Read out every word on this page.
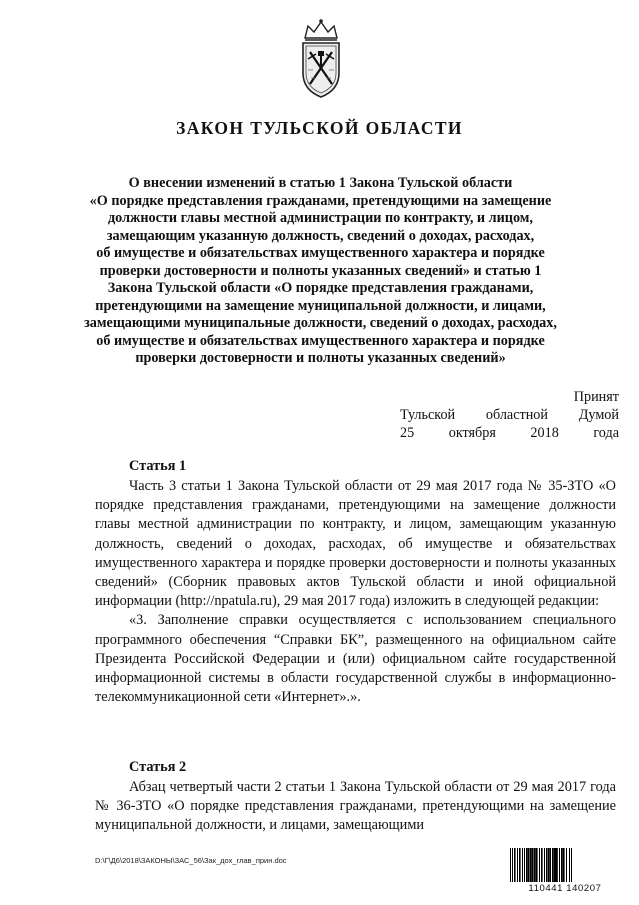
ЗАКОН ТУЛЬСКОЙ ОБЛАСТИ
О внесении изменений в статью 1 Закона Тульской области
«О порядке представления гражданами, претендующими на замещение
должности главы местной администрации по контракту, и лицом,
замещающим указанную должность, сведений о доходах, расходах,
об имуществе и обязательствах имущественного характера и порядке
проверки достоверности и полноты указанных сведений» и статью 1
Закона Тульской области «О порядке представления гражданами,
претендующими на замещение муниципальной должности, и лицами,
замещающими муниципальные должности, сведений о доходах, расходах,
об имуществе и обязательствах имущественного характера и порядке
проверки достоверности и полноты указанных сведений»
Принят
Тульской областной Думой
25 октября 2018 года
Статья 1

Часть 3 статьи 1 Закона Тульской области от 29 мая 2017 года № 35-ЗТО «О порядке представления гражданами, претендующими на замещение должности главы местной администрации по контракту, и лицом, замещающим указанную должность, сведений о доходах, расходах, об имуществе и обязательствах имущественного характера и порядке проверки достоверности и полноты указанных сведений» (Сборник правовых актов Тульской области и иной официальной информации (http://npatula.ru), 29 мая 2017 года) изложить в следующей редакции:

«3. Заполнение справки осуществляется с использованием специального программного обеспечения “Справки БК”, размещенного на официальном сайте Президента Российской Федерации и (или) официальном сайте государственной информационной системы в области государственной службы в информационно-телекоммуникационной сети «Интернет».».

Статья 2

Абзац четвертый части 2 статьи 1 Закона Тульской области от 29 мая 2017 года № 36-ЗТО «О порядке представления гражданами, претендующими на замещение муниципальной должности, и лицами, замещающими

D:\Г\Д6\2018\ЗАКОНЫ\ЗАС_56\Зак_дох_глав_прин.doc
110441 140207
